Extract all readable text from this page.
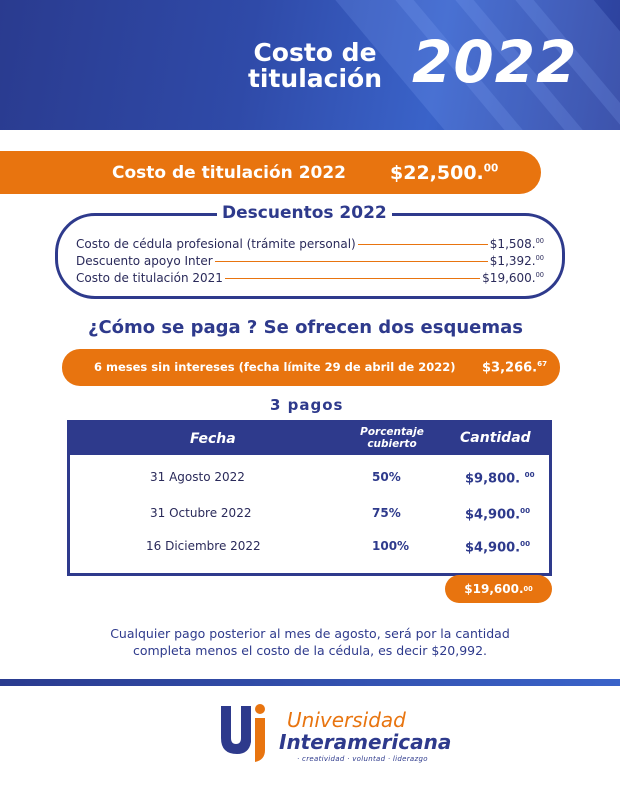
Costo de
titulación 2022
Costo de titulación 2022 $22,500.00
Descuentos 2022
Costo de cédula profesional (trámite personal)	$1,508.00
Descuento apoyo Inter	$1,392.00
Costo de titulación 2021	$19,600.00
¿Cómo se paga ? Se ofrecen dos esquemas
6 meses sin intereses (fecha límite 29 de abril de 2022) $3,266.67
3 pagos
Fecha	Porcentaje cubierto	Cantidad
31 Agosto 2022	50%	$9,800. $^{00}$
31 Octubre 2022	75%	$4,900.00
16 Diciembre 2022	100%	$4,900.00
$19,600. 00
Cualquier pago posterior al mes de agosto, será por la cantidad completa menos el costo de la cédula, es decir $20,992.
Universidad
Interamericana
· creatividad · voluntad · liderazgo
